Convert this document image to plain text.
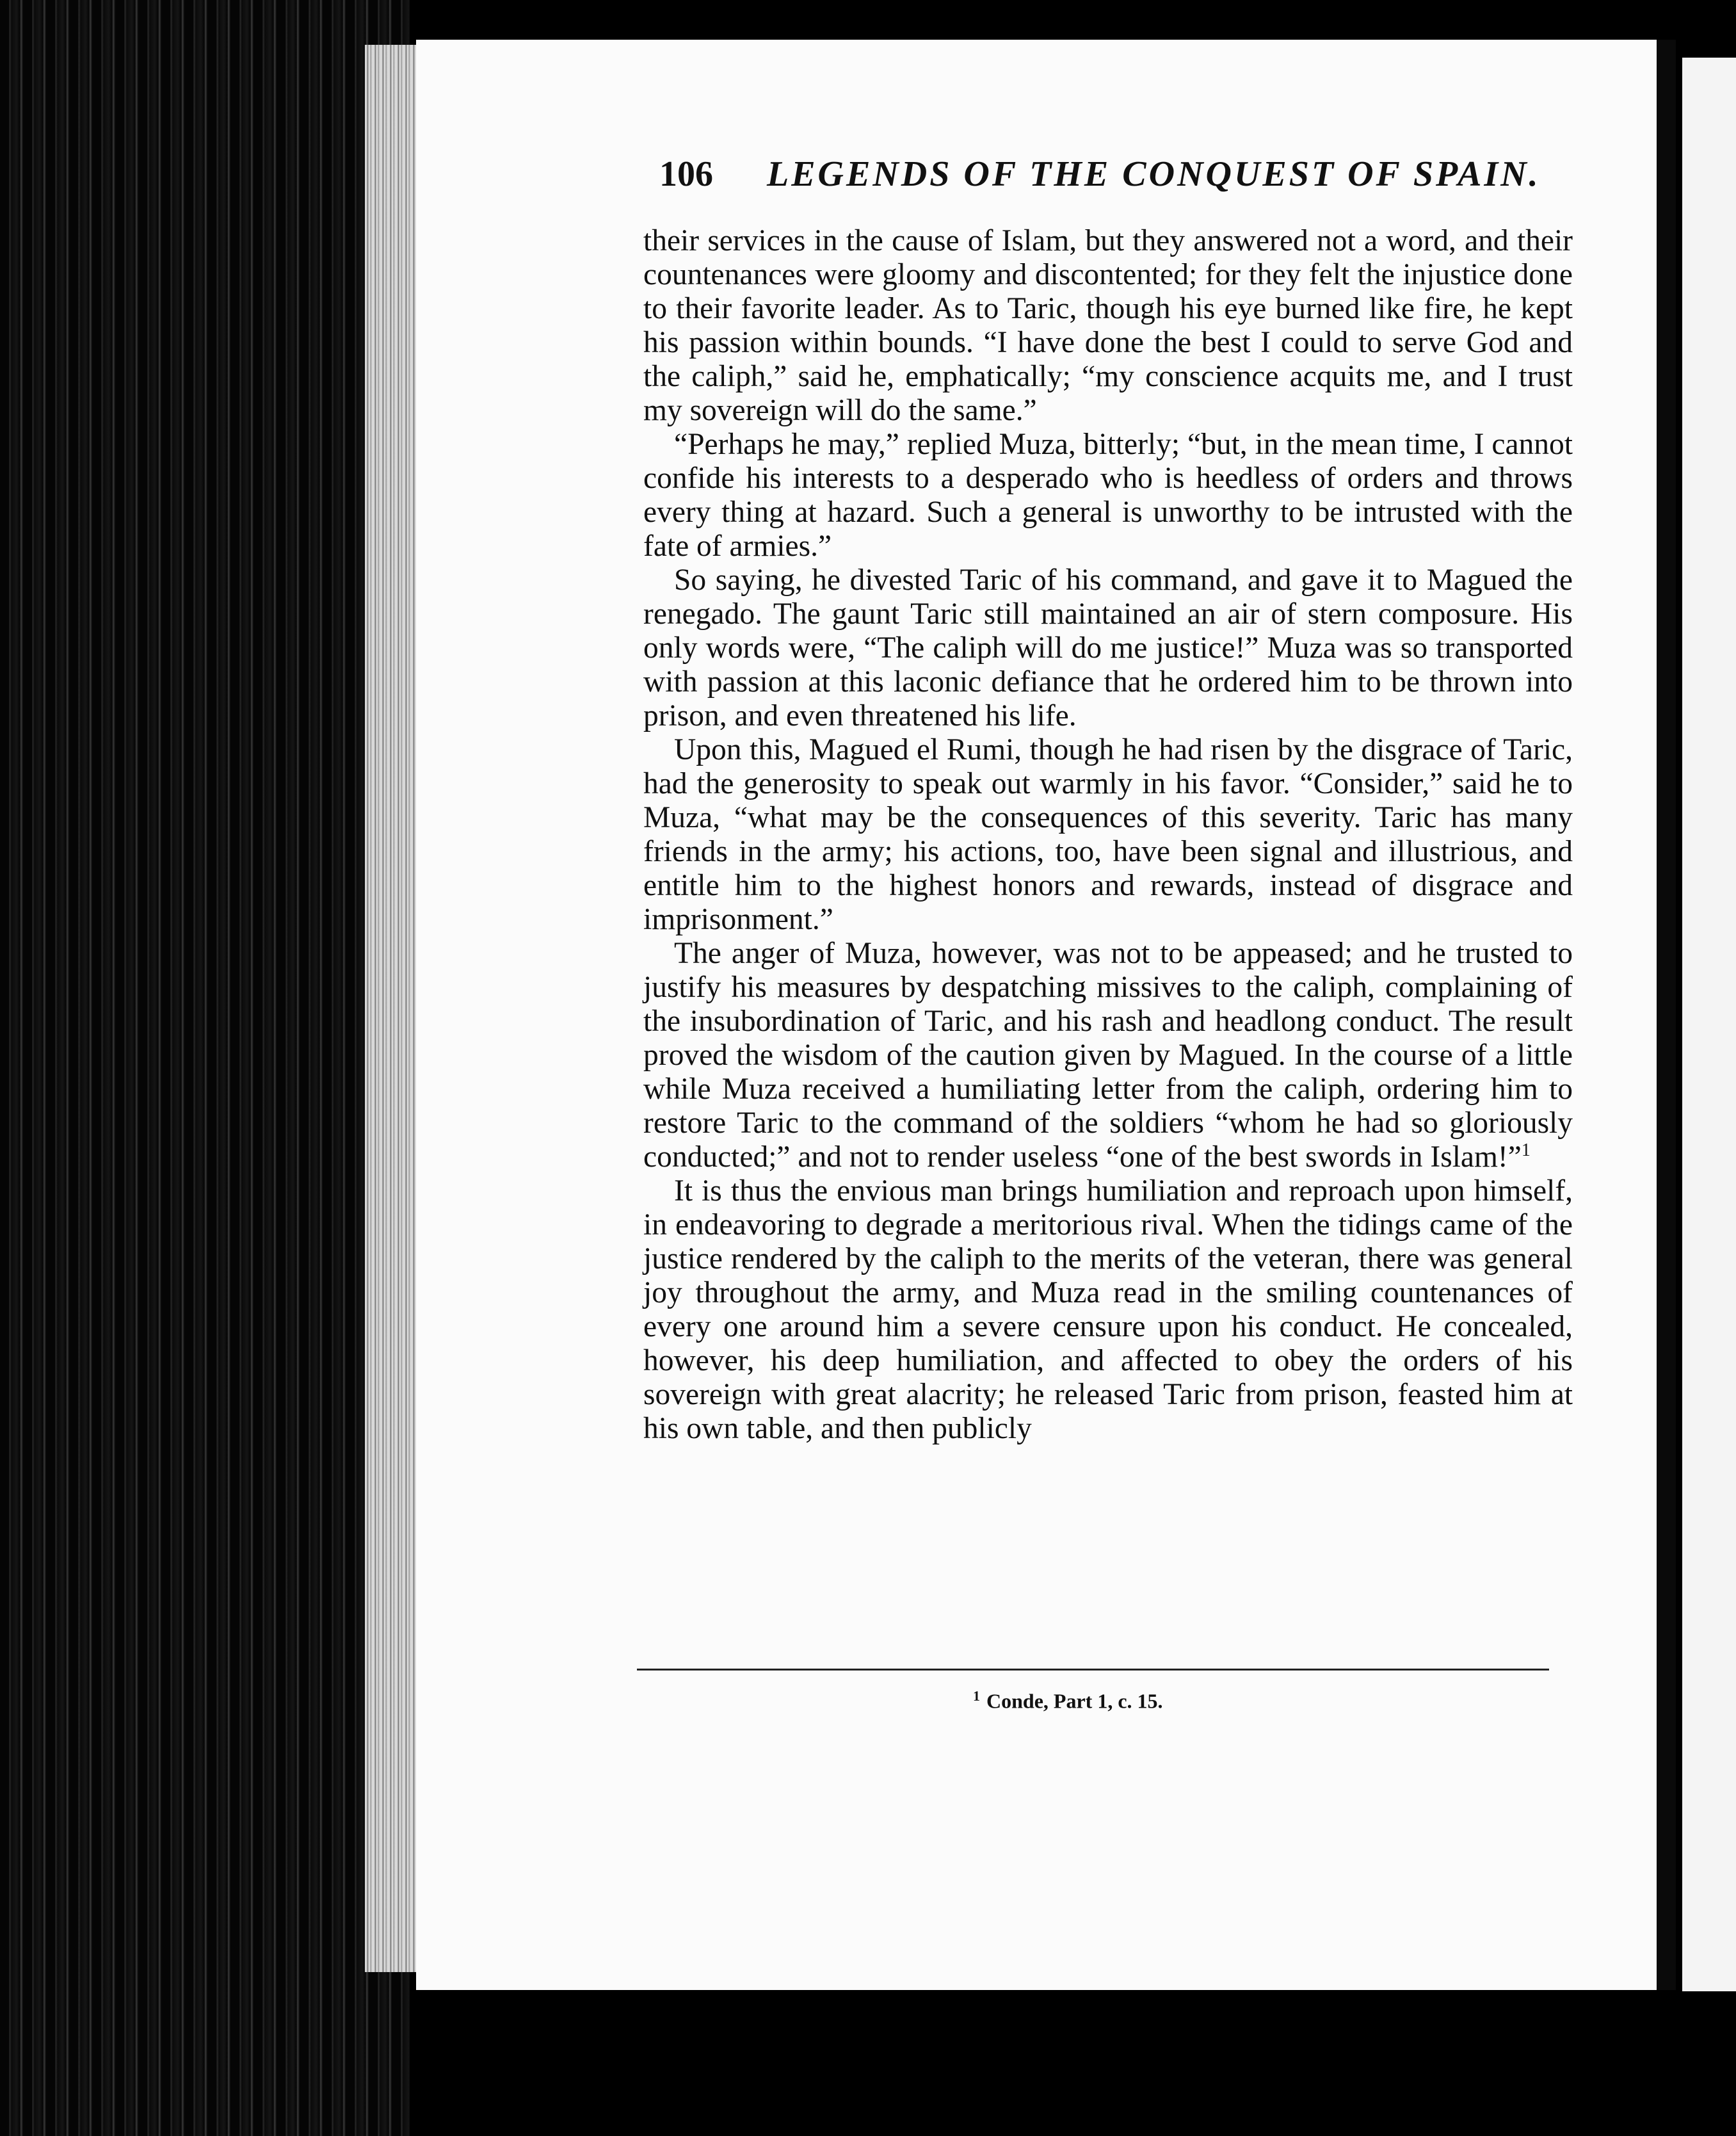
106 LEGENDS OF THE CONQUEST OF SPAIN.

their services in the cause of Islam, but they answered not a word, and their countenances were gloomy and discontented; for they felt the injustice done to their favorite leader. As to Taric, though his eye burned like fire, he kept his passion within bounds. “I have done the best I could to serve God and the caliph,” said he, emphatically; “my conscience acquits me, and I trust my sovereign will do the same.”

“Perhaps he may,” replied Muza, bitterly; “but, in the mean time, I cannot confide his interests to a desperado who is heedless of orders and throws every thing at hazard. Such a general is unworthy to be intrusted with the fate of armies.”

So saying, he divested Taric of his command, and gave it to Magued the renegado. The gaunt Taric still maintained an air of stern composure. His only words were, “The caliph will do me justice!” Muza was so transported with passion at this laconic defiance that he ordered him to be thrown into prison, and even threatened his life.

Upon this, Magued el Rumi, though he had risen by the disgrace of Taric, had the generosity to speak out warmly in his favor. “Consider,” said he to Muza, “what may be the consequences of this severity. Taric has many friends in the army; his actions, too, have been signal and illustrious, and entitle him to the highest honors and rewards, instead of disgrace and imprisonment.”

The anger of Muza, however, was not to be appeased; and he trusted to justify his measures by despatching missives to the caliph, complaining of the insubordination of Taric, and his rash and headlong conduct. The result proved the wisdom of the caution given by Magued. In the course of a little while Muza received a humiliating letter from the caliph, ordering him to restore Taric to the command of the soldiers “whom he had so gloriously conducted;” and not to render useless “one of the best swords in Islam!”$^1$

It is thus the envious man brings humiliation and reproach upon himself, in endeavoring to degrade a meritorious rival. When the tidings came of the justice rendered by the caliph to the merits of the veteran, there was general joy throughout the army, and Muza read in the smiling countenances of every one around him a severe censure upon his conduct. He concealed, however, his deep humiliation, and affected to obey the orders of his sovereign with great alacrity; he released Taric from prison, feasted him at his own table, and then publicly

$^1$ Conde, Part 1, c. 15.
